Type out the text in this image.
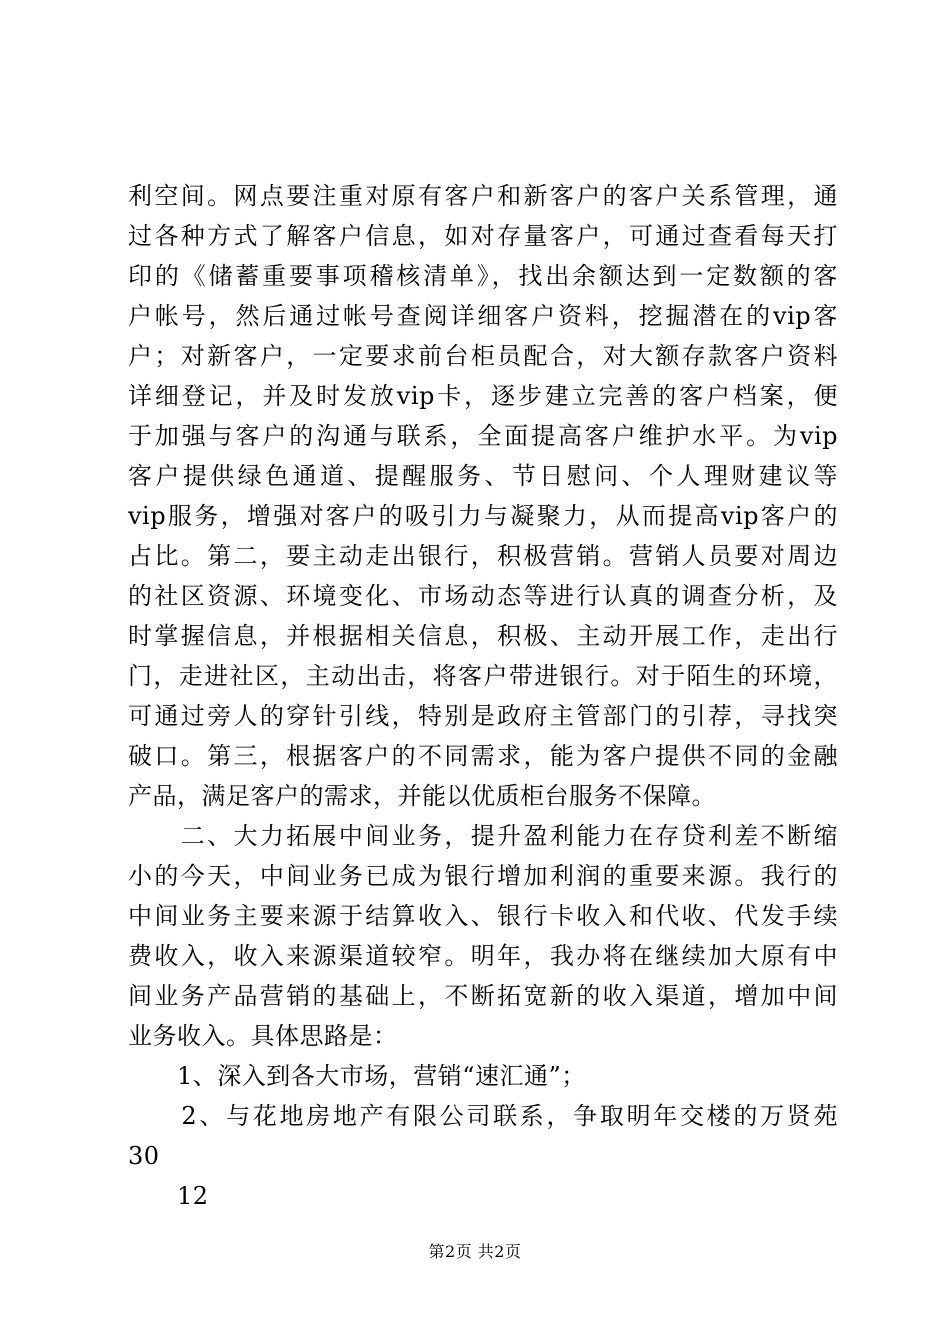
利空间。网点要注重对原有客户和新客户的客户关系管理，通
过各种方式了解客户信息，如对存量客户，可通过查看每天打
印的《储蓄重要事项稽核清单》，找出余额达到一定数额的客
户帐号，然后通过帐号查阅详细客户资料，挖掘潜在的vip客
户；对新客户，一定要求前台柜员配合，对大额存款客户资料
详细登记，并及时发放vip卡，逐步建立完善的客户档案，便
于加强与客户的沟通与联系，全面提高客户维护水平。为vip
客户提供绿色通道、提醒服务、节日慰问、个人理财建议等
vip服务，增强对客户的吸引力与凝聚力，从而提高vip客户的
占比。第二，要主动走出银行，积极营销。营销人员要对周边
的社区资源、环境变化、市场动态等进行认真的调查分析，及
时掌握信息，并根据相关信息，积极、主动开展工作，走出行
门，走进社区，主动出击，将客户带进银行。对于陌生的环境，
可通过旁人的穿针引线，特别是政府主管部门的引荐，寻找突
破口。第三，根据客户的不同需求，能为客户提供不同的金融
产品，满足客户的需求，并能以优质柜台服务不保障。
　　二、大力拓展中间业务，提升盈利能力在存贷利差不断缩
小的今天，中间业务已成为银行增加利润的重要来源。我行的
中间业务主要来源于结算收入、银行卡收入和代收、代发手续
费收入，收入来源渠道较窄。明年，我办将在继续加大原有中
间业务产品营销的基础上，不断拓宽新的收入渠道，增加中间
业务收入。具体思路是：
　　1、深入到各大市场，营销“速汇通”；
　　2、与花地房地产有限公司联系，争取明年交楼的万贤苑
30
　　12
第2页 共2页
